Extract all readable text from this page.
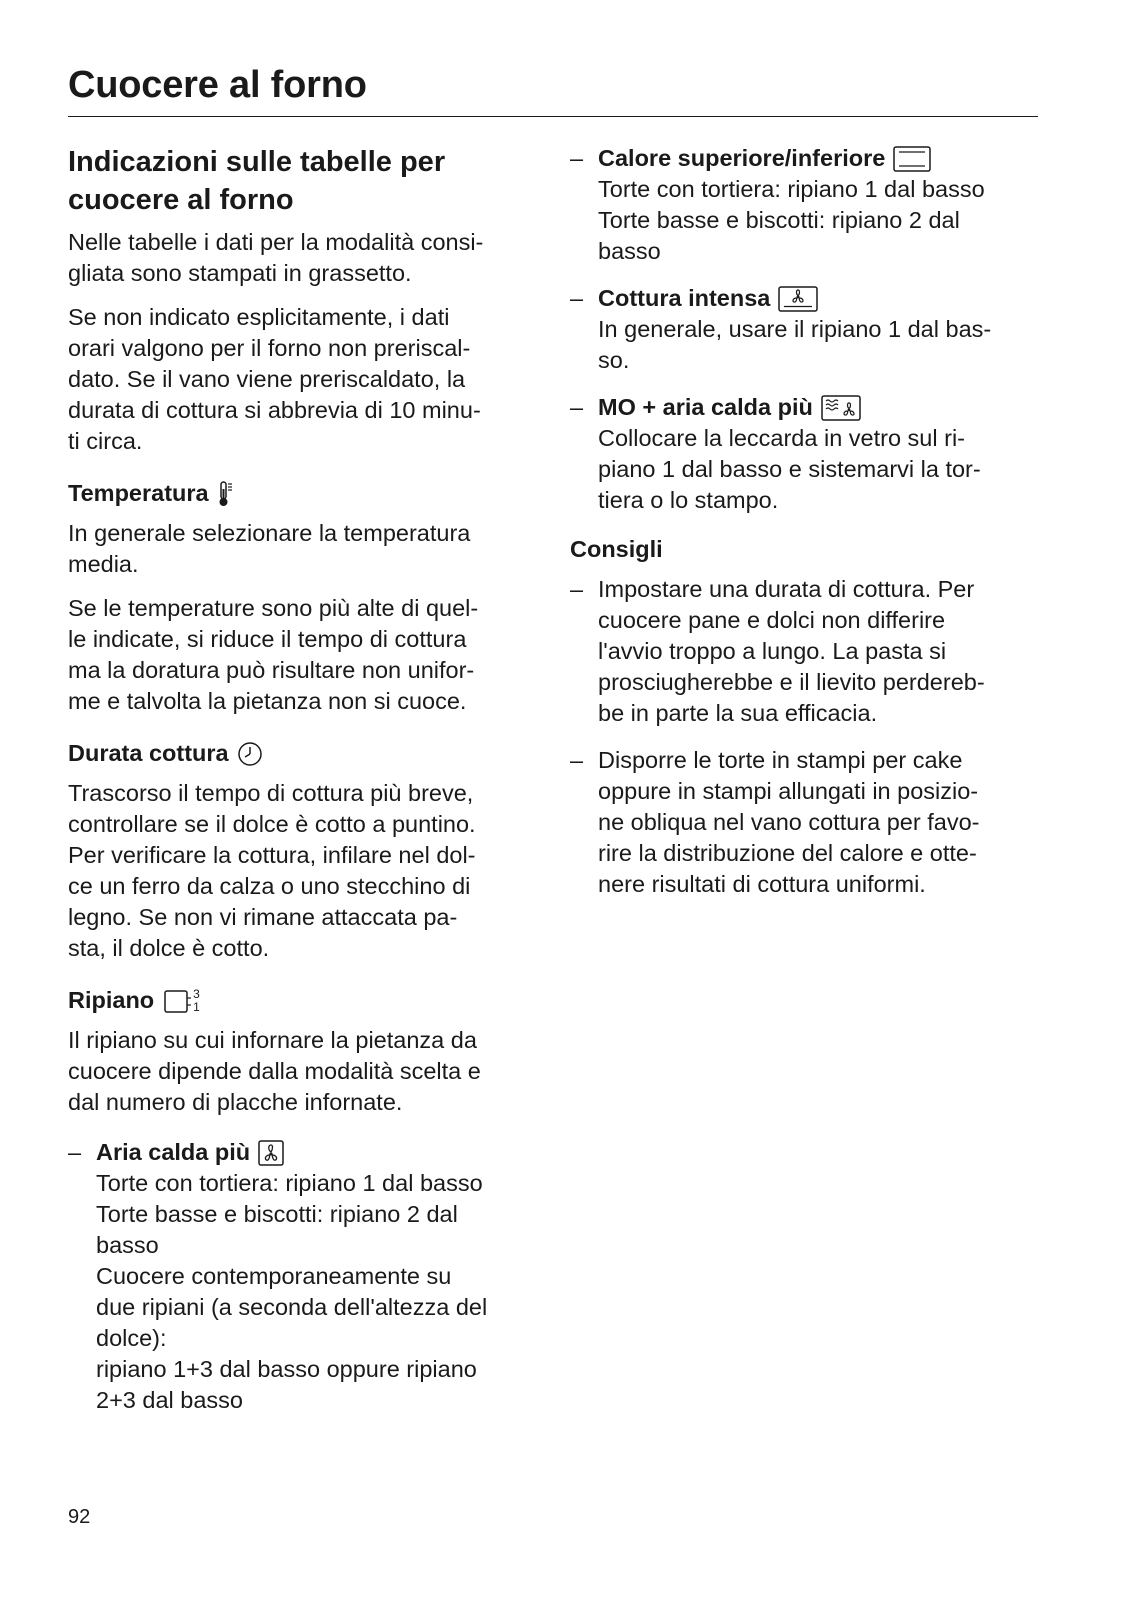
Cuocere al forno
Indicazioni sulle tabelle per
cuocere al forno

Nelle tabelle i dati per la modalità consi-
gliata sono stampati in grassetto.

Se non indicato esplicitamente, i dati
orari valgono per il forno non preriscal-
dato. Se il vano viene preriscaldato, la
durata di cottura si abbrevia di 10 minu-
ti circa.

Temperatura

In generale selezionare la temperatura
media.

Se le temperature sono più alte di quel-
le indicate, si riduce il tempo di cottura
ma la doratura può risultare non unifor-
me e talvolta la pietanza non si cuoce.

Durata cottura

Trascorso il tempo di cottura più breve,
controllare se il dolce è cotto a puntino.
Per verificare la cottura, infilare nel dol-
ce un ferro da calza o uno stecchino di
legno. Se non vi rimane attaccata pa-
sta, il dolce è cotto.

Ripiano	3
1

Il ripiano su cui infornare la pietanza da
cuocere dipende dalla modalità scelta e
dal numero di placche infornate.

– Aria calda più
Torte con tortiera: ripiano 1 dal basso
Torte basse e biscotti: ripiano 2 dal
basso
Cuocere contemporaneamente su
due ripiani (a seconda dell'altezza del
dolce):
ripiano 1+3 dal basso oppure ripiano
2+3 dal basso
– Calore superiore/inferiore
Torte con tortiera: ripiano 1 dal basso
Torte basse e biscotti: ripiano 2 dal
basso
– Cottura intensa
In generale, usare il ripiano 1 dal bas-
so.
– MO + aria calda più
Collocare la leccarda in vetro sul ri-
piano 1 dal basso e sistemarvi la tor-
tiera o lo stampo.
Consigli
– Impostare una durata di cottura. Per
cuocere pane e dolci non differire
l'avvio troppo a lungo. La pasta si
prosciugherebbe e il lievito perdereb-
be in parte la sua efficacia.
– Disporre le torte in stampi per cake
oppure in stampi allungati in posizio-
ne obliqua nel vano cottura per favo-
rire la distribuzione del calore e otte-
nere risultati di cottura uniformi.
92
